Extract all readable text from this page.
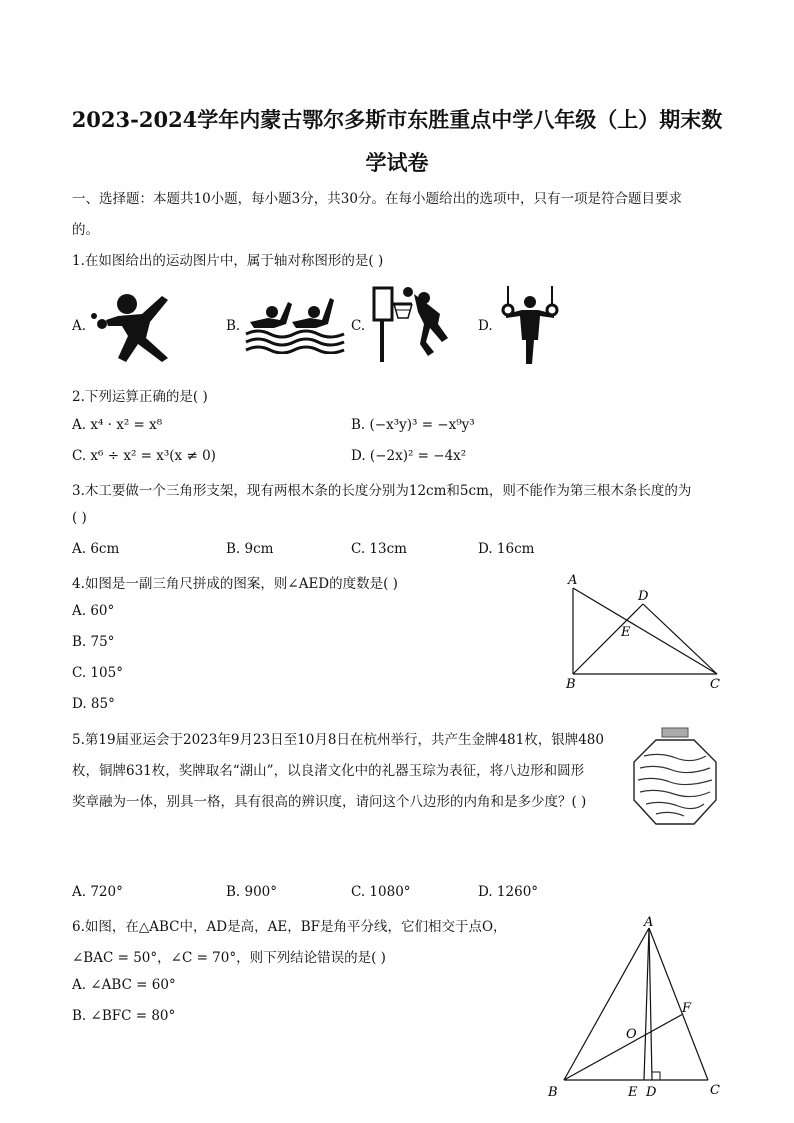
2023-2024学年内蒙古鄂尔多斯市东胜重点中学八年级（上）期末数
学试卷
一、选择题：本题共10小题，每小题3分，共30分。在每小题给出的选项中，只有一项是符合题目要求
的。
1.在如图给出的运动图片中，属于轴对称图形的是( )
A.	B.	C.	D.
2.下列运算正确的是( )
A. x⁴ · x² = x⁸	B. (−x³y)³ = −x⁹y³
C. x⁶ ÷ x² = x³(x ≠ 0)	D. (−2x)² = −4x²
3.木工要做一个三角形支架，现有两根木条的长度分别为12cm和5cm，则不能作为第三根木条长度的为
( )
A. 6cm	B. 9cm	C. 13cm	D. 16cm
4.如图是一副三角尺拼成的图案，则∠AED的度数是( )
A. 60°
B. 75°
C. 105°
D. 85°
A
D
E
B	C
5.第19届亚运会于2023年9月23日至10月8日在杭州举行，共产生金牌481枚，银牌480
枚，铜牌631枚，奖牌取名“湖山”，以良渚文化中的礼器玉琮为表征，将八边形和圆形
奖章融为一体，别具一格，具有很高的辨识度，请问这个八边形的内角和是多少度？( )
A. 720°	B. 900°	C. 1080°	D. 1260°
6.如图，在△ABC中，AD是高，AE，BF是角平分线，它们相交于点O，
∠BAC = 50°，∠C = 70°，则下列结论错误的是( )
A. ∠ABC = 60°
B. ∠BFC = 80°
A
F
O
B	E D	C
